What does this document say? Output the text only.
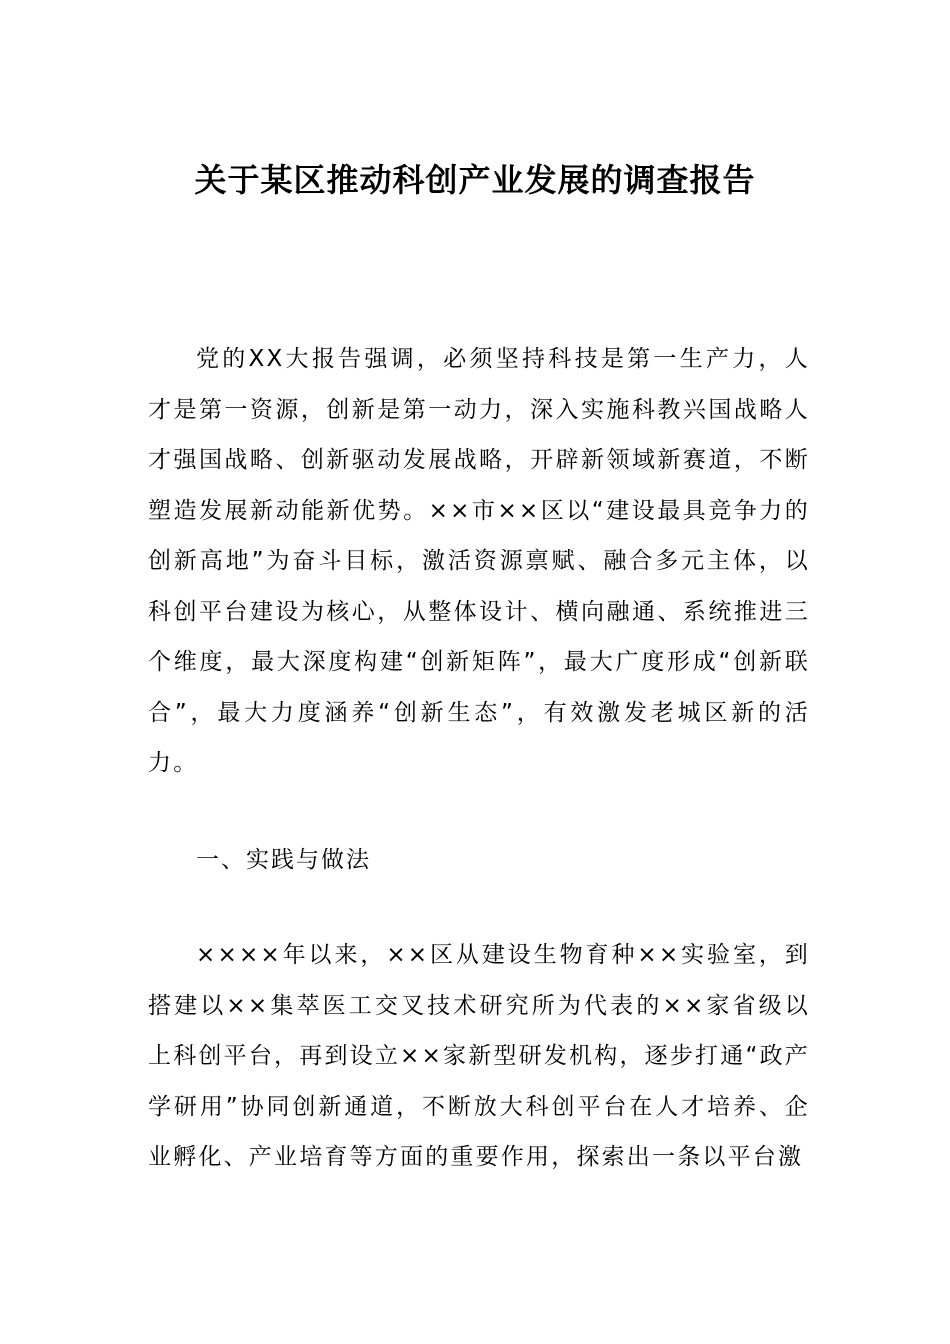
关于某区推动科创产业发展的调查报告

党的XX大报告强调，必须坚持科技是第一生产力，人才是第一资源，创新是第一动力，深入实施科教兴国战略人才强国战略、创新驱动发展战略，开辟新领域新赛道，不断塑造发展新动能新优势。××市××区以“建设最具竞争力的创新高地”为奋斗目标，激活资源禀赋、融合多元主体，以科创平台建设为核心，从整体设计、横向融通、系统推进三个维度，最大深度构建“创新矩阵”，最大广度形成“创新联合”，最大力度涵养“创新生态”，有效激发老城区新的活力。

一、实践与做法

××××年以来，××区从建设生物育种××实验室，到搭建以××集萃医工交叉技术研究所为代表的××家省级以上科创平台，再到设立××家新型研发机构，逐步打通“政产学研用”协同创新通道，不断放大科创平台在人才培养、企业孵化、产业培育等方面的重要作用，探索出一条以平台激
